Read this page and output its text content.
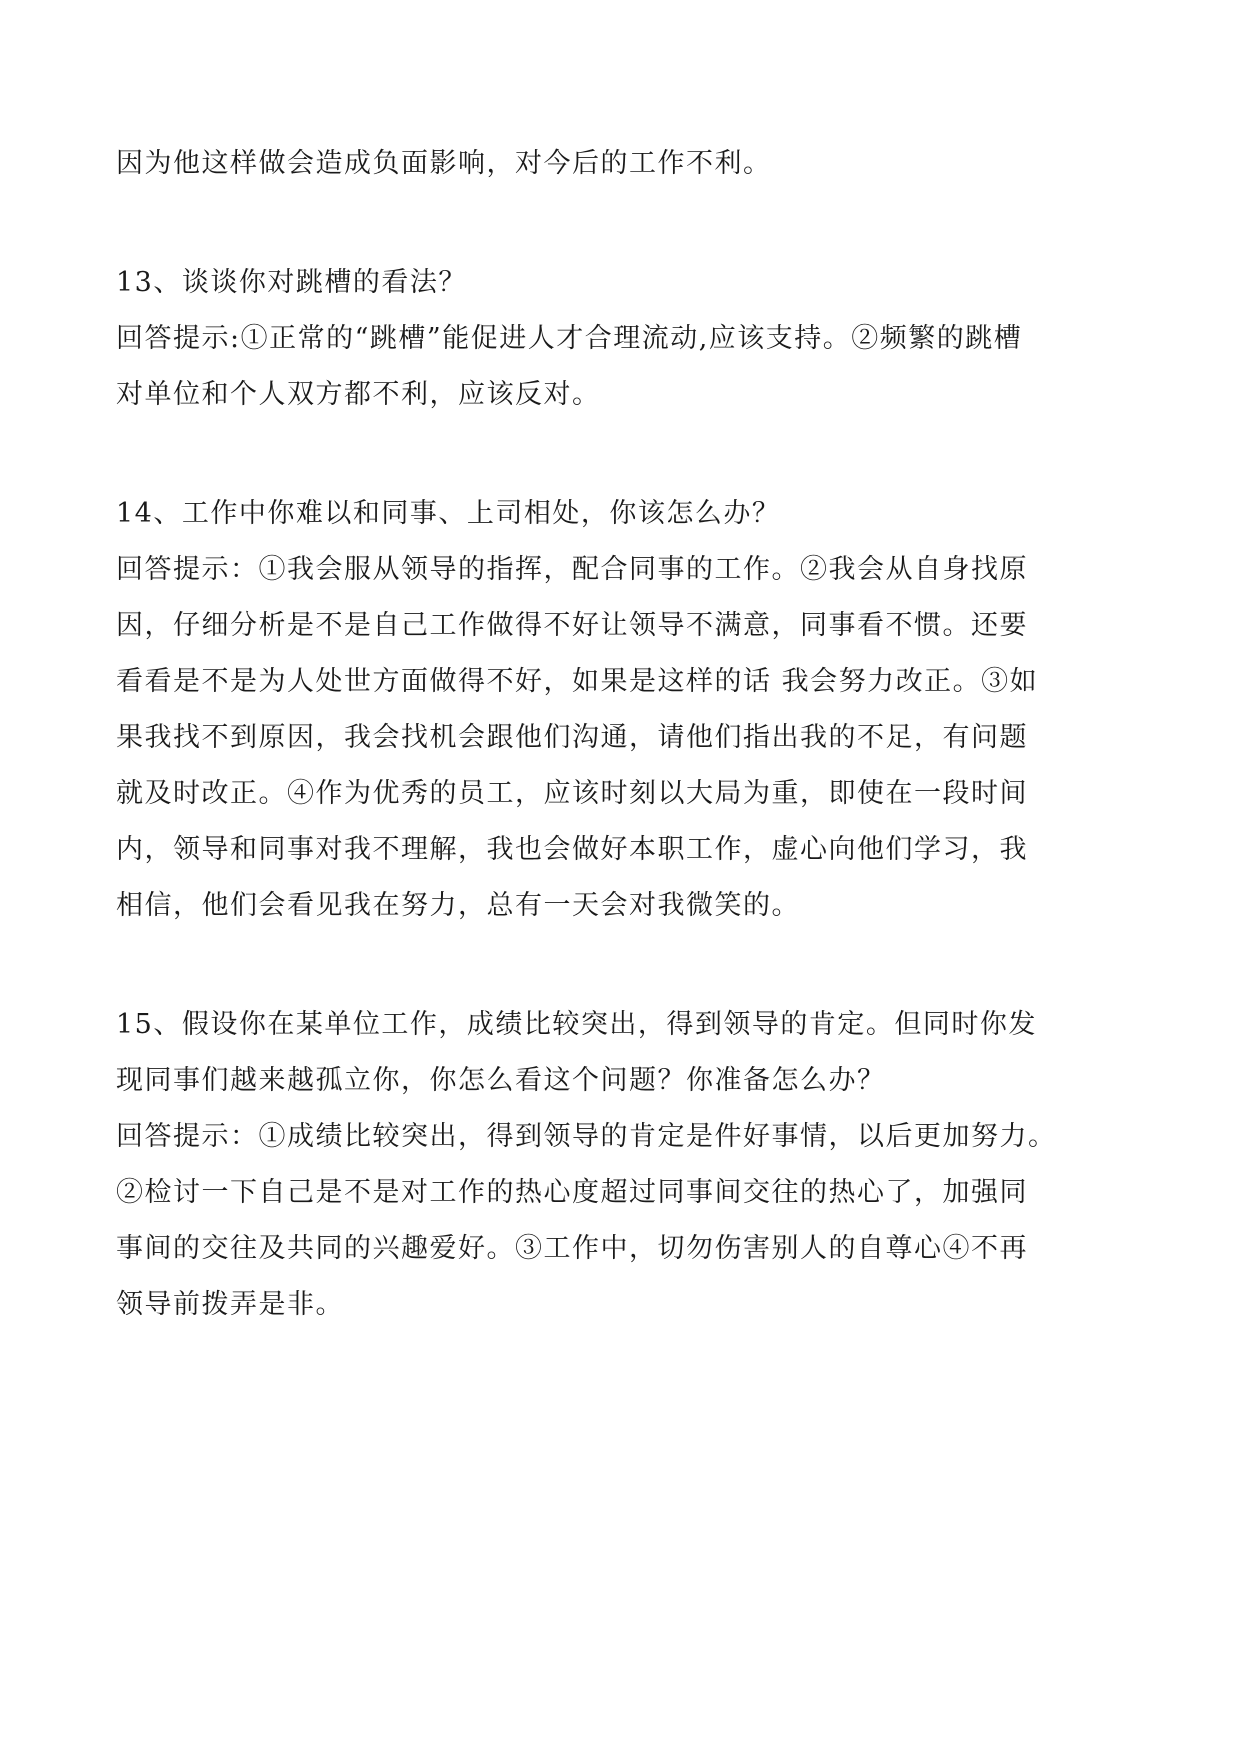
因为他这样做会造成负面影响，对今后的工作不利。
13、谈谈你对跳槽的看法？
回答提示:①正常的“跳槽”能促进人才合理流动,应该支持。②频繁的跳槽
对单位和个人双方都不利，应该反对。
14、工作中你难以和同事、上司相处，你该怎么办？
回答提示：①我会服从领导的指挥，配合同事的工作。②我会从自身找原
因，仔细分析是不是自己工作做得不好让领导不满意，同事看不惯。还要
看看是不是为人处世方面做得不好，如果是这样的话 我会努力改正。③如
果我找不到原因，我会找机会跟他们沟通，请他们指出我的不足，有问题
就及时改正。④作为优秀的员工，应该时刻以大局为重，即使在一段时间
内，领导和同事对我不理解，我也会做好本职工作，虚心向他们学习，我
相信，他们会看见我在努力，总有一天会对我微笑的。
15、假设你在某单位工作，成绩比较突出，得到领导的肯定。但同时你发
现同事们越来越孤立你，你怎么看这个问题？你准备怎么办？
回答提示：①成绩比较突出，得到领导的肯定是件好事情，以后更加努力。
②检讨一下自己是不是对工作的热心度超过同事间交往的热心了，加强同
事间的交往及共同的兴趣爱好。③工作中，切勿伤害别人的自尊心④不再
领导前拨弄是非。
